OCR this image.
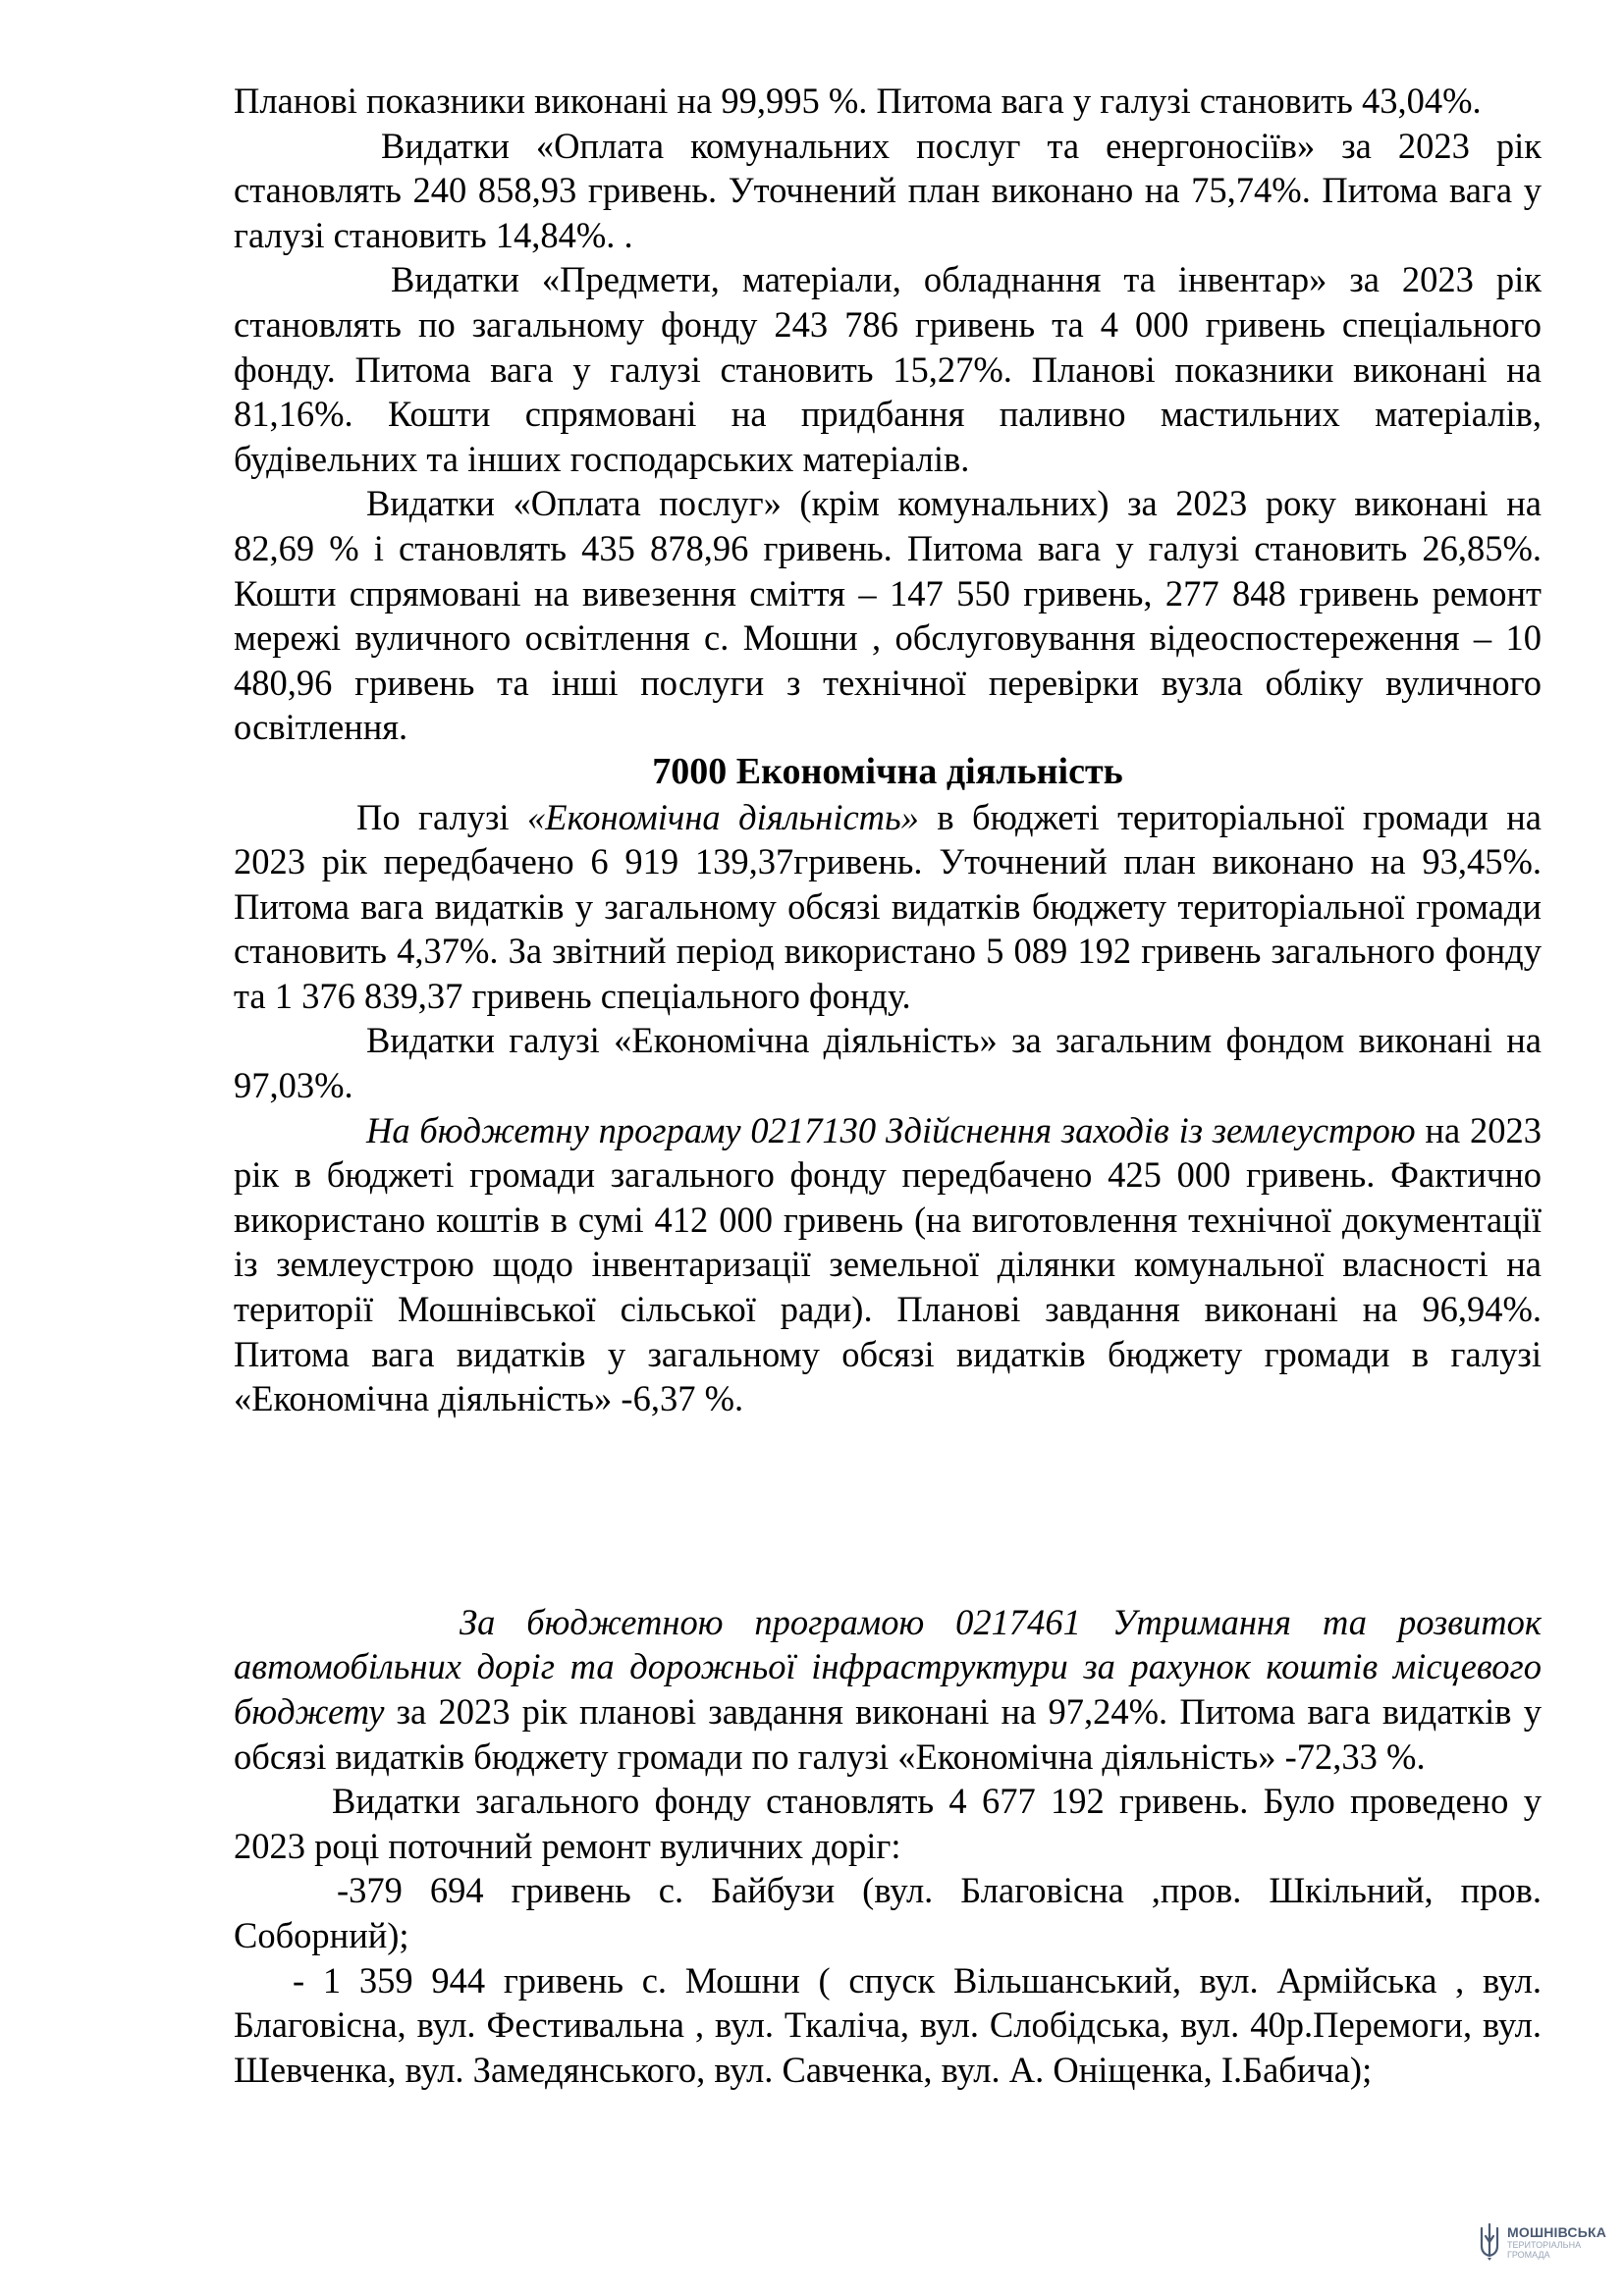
Планові показники виконані на 99,995 %. Питома вага у галузі становить 43,04%.

Видатки «Оплата комунальних послуг та енергоносіїв» за 2023 рік становлять 240 858,93 гривень. Уточнений план виконано на 75,74%. Питома вага у галузі становить 14,84%. .

Видатки «Предмети, матеріали, обладнання та інвентар» за 2023 рік становлять по загальному фонду 243 786 гривень та 4 000 гривень спеціального фонду. Питома вага у галузі становить 15,27%. Планові показники виконані на 81,16%. Кошти спрямовані на придбання паливно мастильних матеріалів, будівельних та інших господарських матеріалів.

Видатки «Оплата послуг» (крім комунальних) за 2023 року виконані на 82,69 % і становлять 435 878,96 гривень. Питома вага у галузі становить 26,85%. Кошти спрямовані на вивезення сміття – 147 550 гривень, 277 848 гривень ремонт мережі вуличного освітлення с. Мошни , обслуговування відеоспостереження – 10 480,96 гривень та інші послуги з технічної перевірки вузла обліку вуличного освітлення.

7000 Економічна діяльність

По галузі «Економічна діяльність» в бюджеті територіальної громади на 2023 рік передбачено 6 919 139,37гривень. Уточнений план виконано на 93,45%. Питома вага видатків у загальному обсязі видатків бюджету територіальної громади становить 4,37%. За звітний період використано 5 089 192 гривень загального фонду та 1 376 839,37 гривень спеціального фонду.

Видатки галузі «Економічна діяльність» за загальним фондом виконані на 97,03%.

На бюджетну програму 0217130 Здійснення заходів із землеустрою на 2023 рік в бюджеті громади загального фонду передбачено 425 000 гривень. Фактично використано коштів в сумі 412 000 гривень (на виготовлення технічної документації із землеустрою щодо інвентаризації земельної ділянки комунальної власності на території Мошнівської сільської ради). Планові завдання виконані на 96,94%. Питома вага видатків у загальному обсязі видатків бюджету громади в галузі «Економічна діяльність» -6,37 %.

За бюджетною програмою 0217461 Утримання та розвиток автомобільних доріг та дорожньої інфраструктури за рахунок коштів місцевого бюджету за 2023 рік планові завдання виконані на 97,24%. Питома вага видатків у обсязі видатків бюджету громади по галузі «Економічна діяльність» -72,33 %.

Видатки загального фонду становлять 4 677 192 гривень. Було проведено у 2023 році поточний ремонт вуличних доріг:

-379 694 гривень с. Байбузи (вул. Благовісна ,пров. Шкільний, пров. Соборний);

- 1 359 944 гривень с. Мошни ( спуск Вільшанський, вул. Армійська , вул. Благовісна, вул. Фестивальна , вул. Ткаліча, вул. Слобідська, вул. 40р.Перемоги, вул. Шевченка, вул. Замедянського, вул. Савченка, вул. А. Оніщенка, І.Бабича);

МОШНІВСЬКА
ТЕРИТОРІАЛЬНА
ГРОМАДА
